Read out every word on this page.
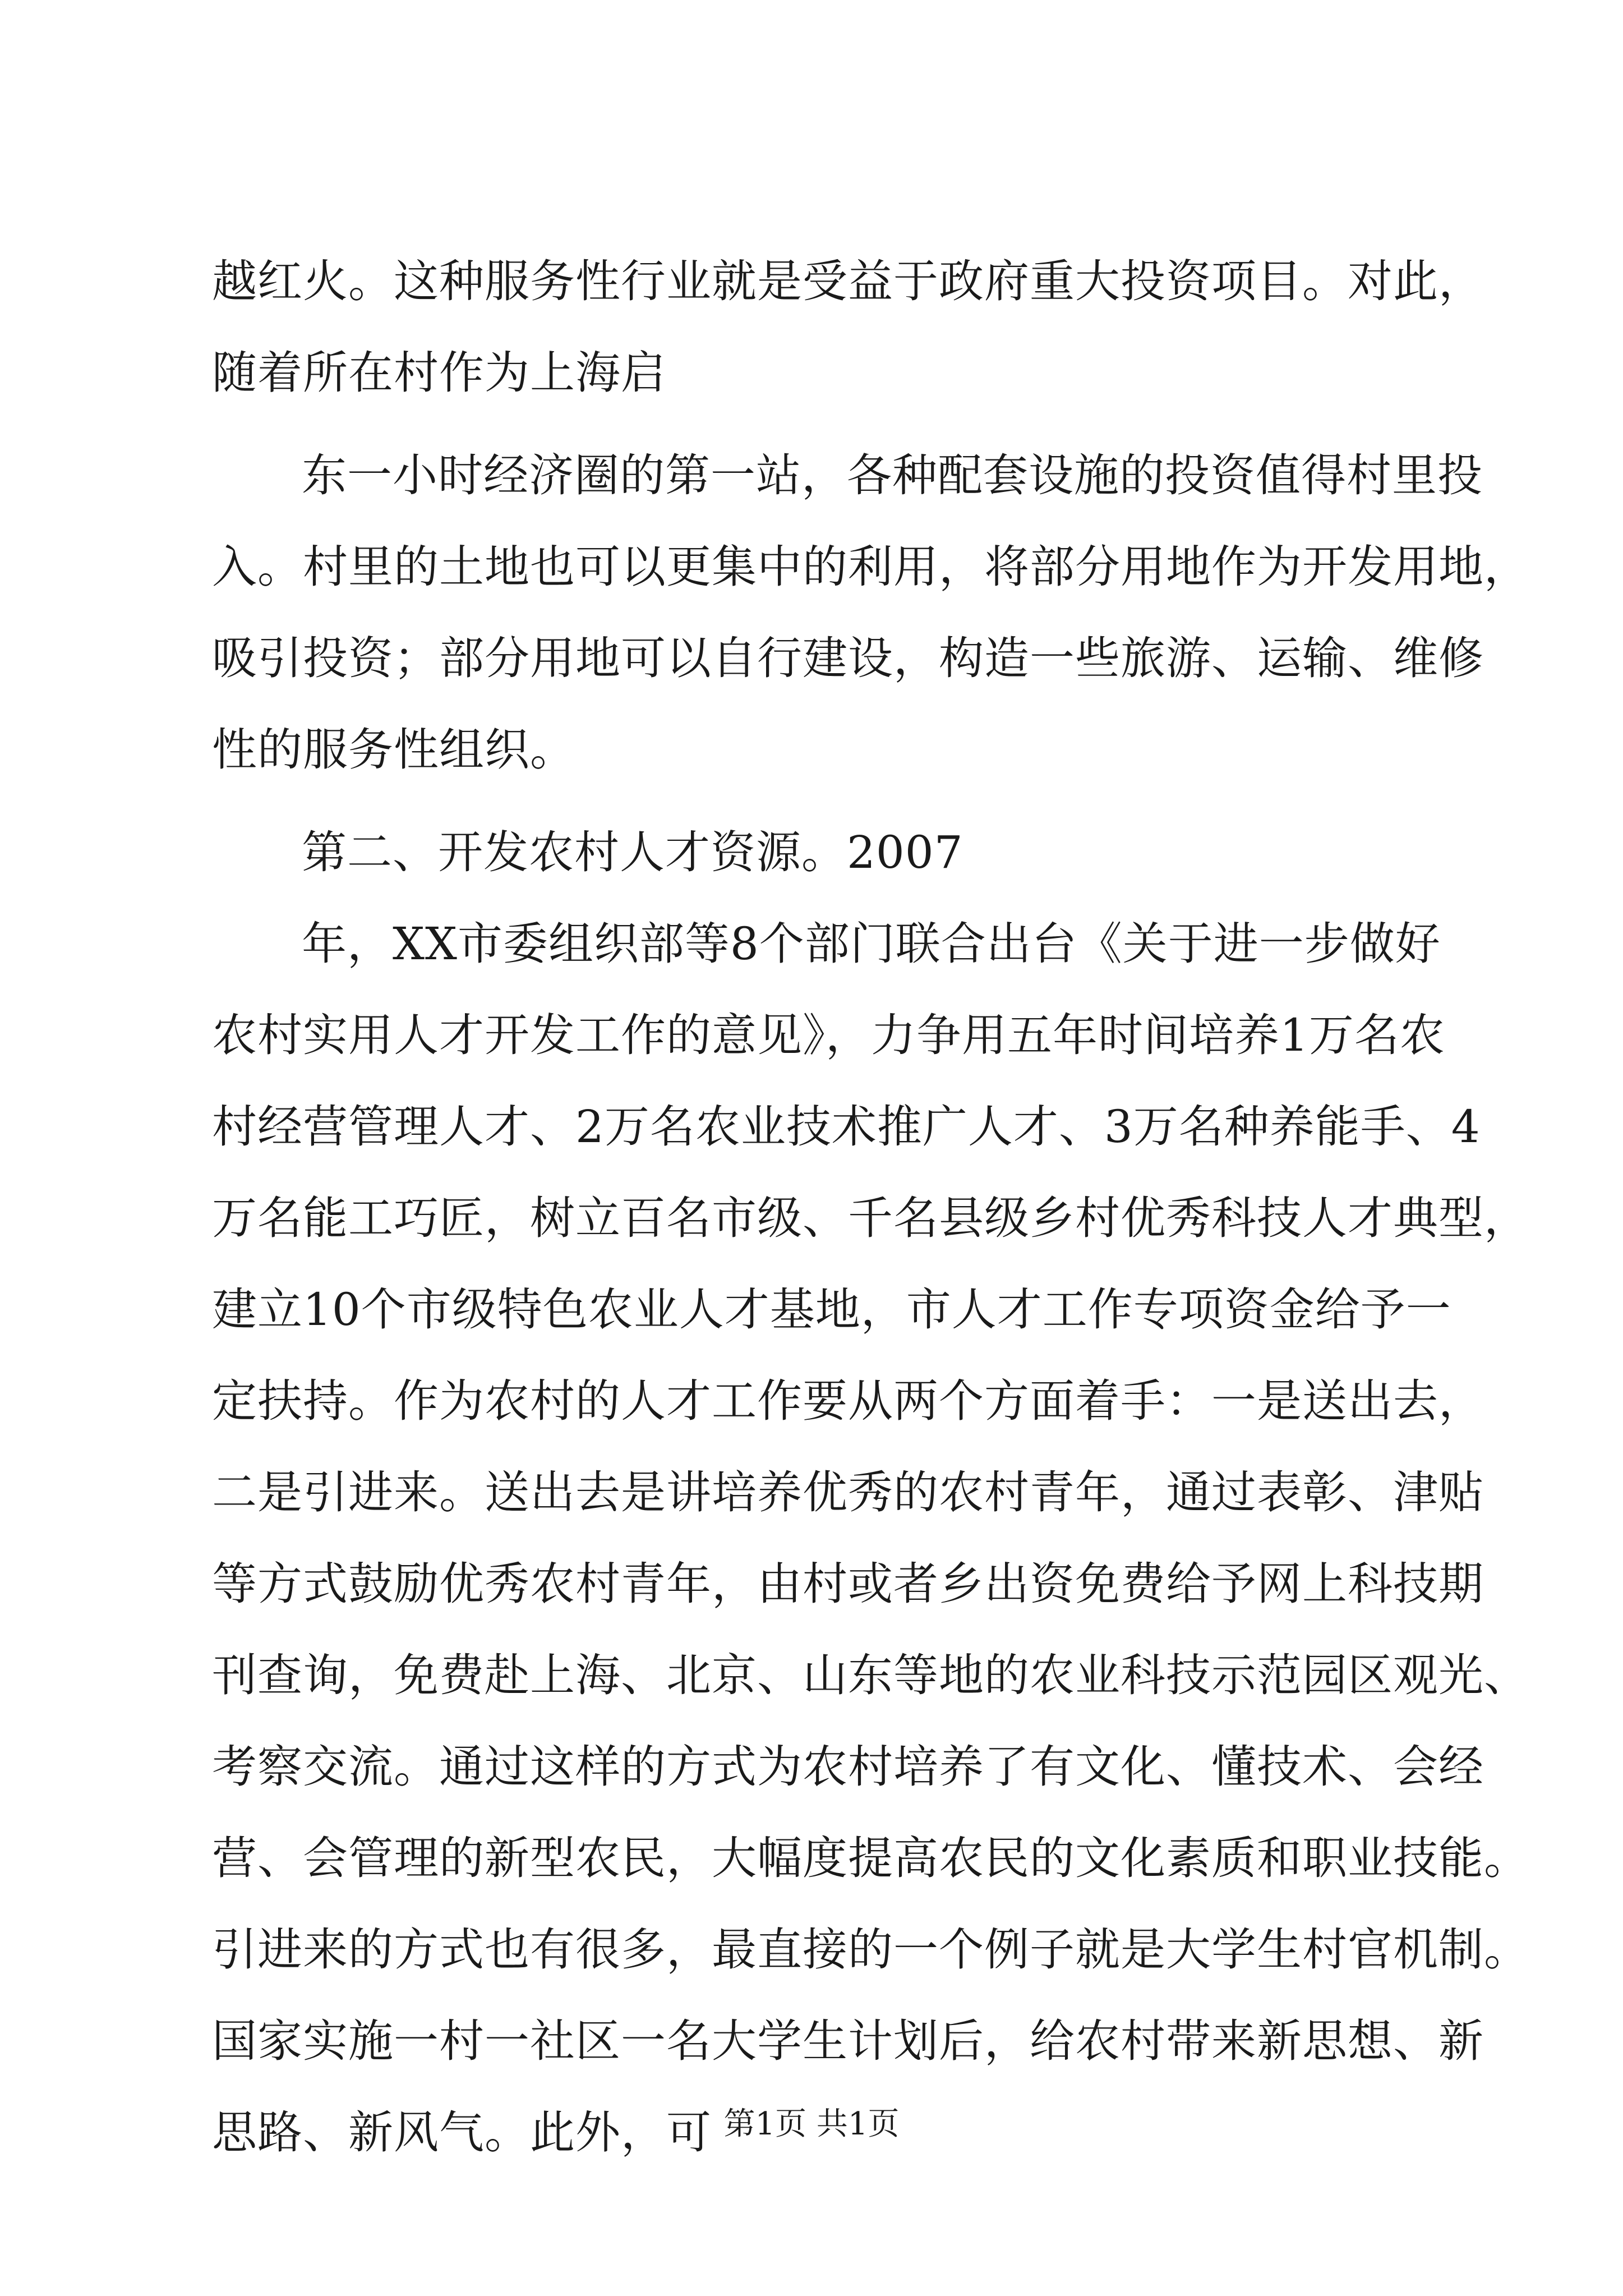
越红火。这种服务性行业就是受益于政府重大投资项目。对此，
随着所在村作为上海启
东一小时经济圈的第一站，各种配套设施的投资值得村里投
入。村里的土地也可以更集中的利用，将部分用地作为开发用地，
吸引投资；部分用地可以自行建设，构造一些旅游、运输、维修
性的服务性组织。
第二、开发农村人才资源。2007
年，XX市委组织部等8个部门联合出台《关于进一步做好
农村实用人才开发工作的意见》，力争用五年时间培养1万名农
村经营管理人才、2万名农业技术推广人才、3万名种养能手、4
万名能工巧匠，树立百名市级、千名县级乡村优秀科技人才典型，
建立10个市级特色农业人才基地，市人才工作专项资金给予一
定扶持。作为农村的人才工作要从两个方面着手：一是送出去，
二是引进来。送出去是讲培养优秀的农村青年，通过表彰、津贴
等方式鼓励优秀农村青年，由村或者乡出资免费给予网上科技期
刊查询，免费赴上海、北京、山东等地的农业科技示范园区观光、
考察交流。通过这样的方式为农村培养了有文化、懂技术、会经
营、会管理的新型农民，大幅度提高农民的文化素质和职业技能。
引进来的方式也有很多，最直接的一个例子就是大学生村官机制。
国家实施一村一社区一名大学生计划后，给农村带来新思想、新
思路、新风气。此外，可 第1页 共1页
